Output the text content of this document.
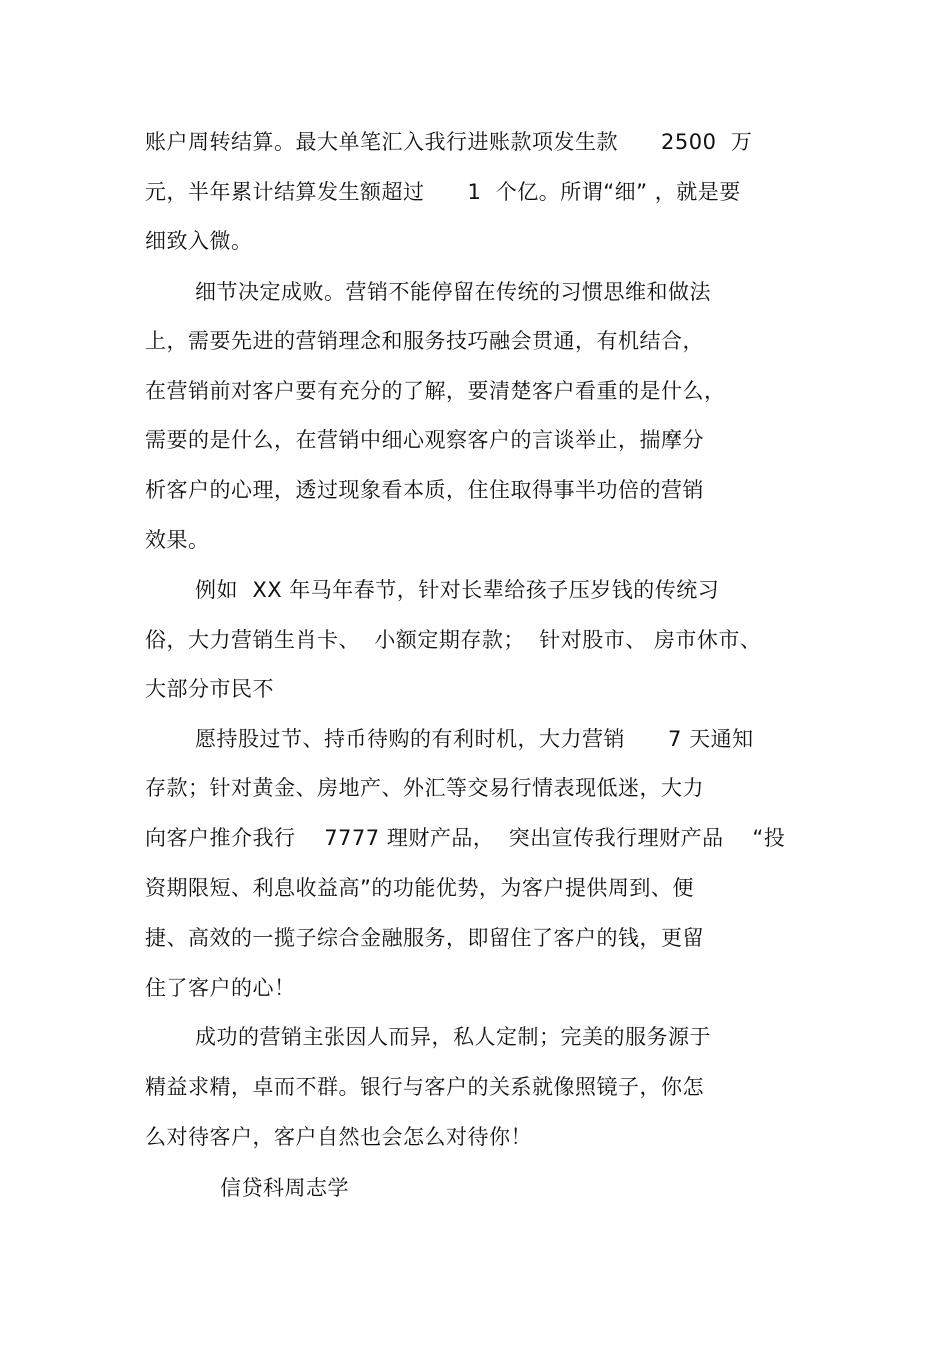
账户周转结算。最大单笔汇入我行进账款项发生款      2500  万
元，半年累计结算发生额超过      1  个亿。所谓“细” ，就是要
细致入微。
细节决定成败。营销不能停留在传统的习惯思维和做法
上，需要先进的营销理念和服务技巧融会贯通，有机结合，
在营销前对客户要有充分的了解，要清楚客户看重的是什么，
需要的是什么，在营销中细心观察客户的言谈举止，揣摩分
析客户的心理，透过现象看本质，住住取得事半功倍的营销
效果。
例如  XX 年马年春节，针对长辈给孩子压岁钱的传统习
俗，大力营销生肖卡、  小额定期存款；  针对股市、 房市休市、
大部分市民不
愿持股过节、持币待购的有利时机，大力营销      7 天通知
存款；针对黄金、房地产、外汇等交易行情表现低迷，大力
向客户推介我行    7777 理财产品，  突出宣传我行理财产品    “投
资期限短、利息收益高”的功能优势，为客户提供周到、便
捷、高效的一揽子综合金融服务，即留住了客户的钱，更留
住了客户的心！
成功的营销主张因人而异，私人定制；完美的服务源于
精益求精，卓而不群。银行与客户的关系就像照镜子，你怎
么对待客户，客户自然也会怎么对待你！
信贷科周志学
